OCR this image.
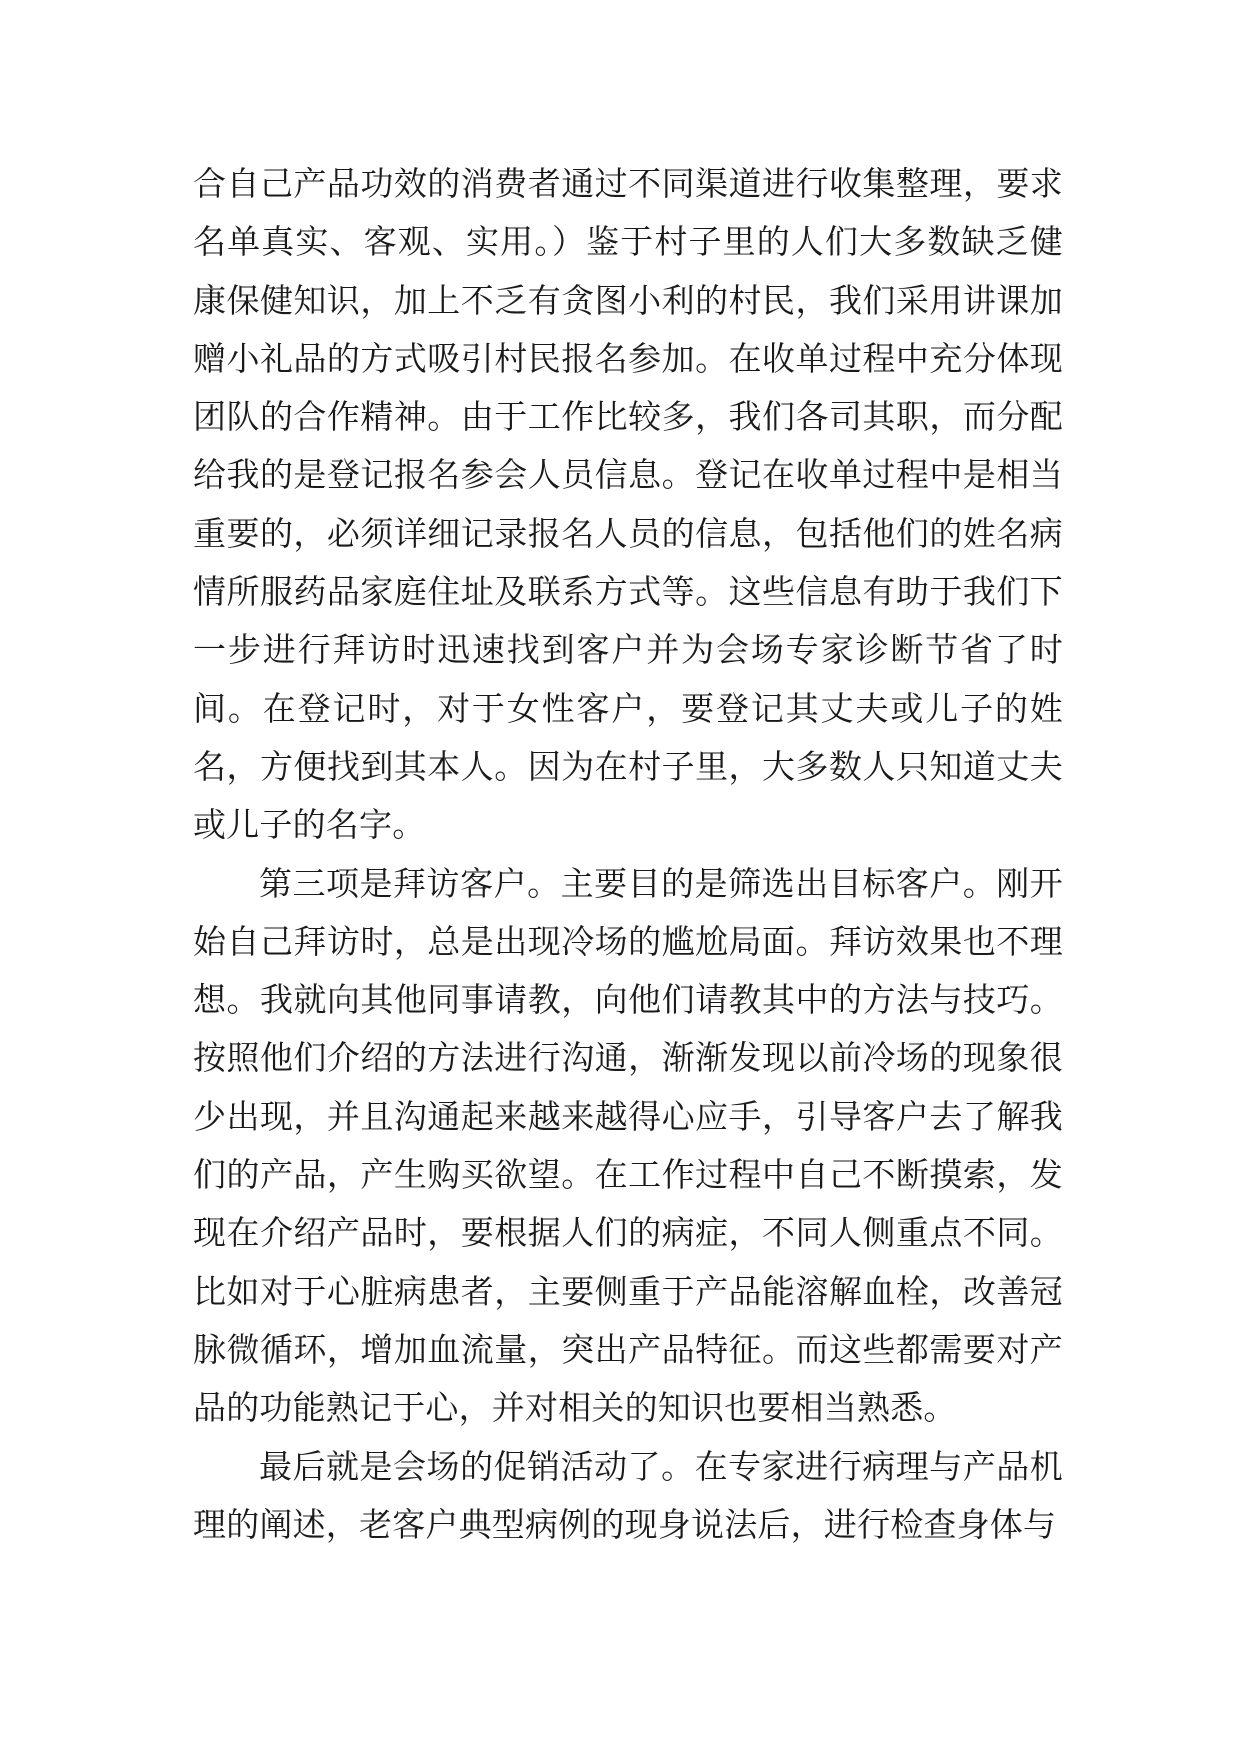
合自己产品功效的消费者通过不同渠道进行收集整理，要求名单真实、客观、实用。）鉴于村子里的人们大多数缺乏健康保健知识，加上不乏有贪图小利的村民，我们采用讲课加赠小礼品的方式吸引村民报名参加。在收单过程中充分体现团队的合作精神。由于工作比较多，我们各司其职，而分配给我的是登记报名参会人员信息。登记在收单过程中是相当重要的，必须详细记录报名人员的信息，包括他们的姓名病情所服药品家庭住址及联系方式等。这些信息有助于我们下一步进行拜访时迅速找到客户并为会场专家诊断节省了时间。在登记时，对于女性客户，要登记其丈夫或儿子的姓名，方便找到其本人。因为在村子里，大多数人只知道丈夫或儿子的名字。

第三项是拜访客户。主要目的是筛选出目标客户。刚开始自己拜访时，总是出现冷场的尴尬局面。拜访效果也不理想。我就向其他同事请教，向他们请教其中的方法与技巧。按照他们介绍的方法进行沟通，渐渐发现以前冷场的现象很少出现，并且沟通起来越来越得心应手，引导客户去了解我们的产品，产生购买欲望。在工作过程中自己不断摸索，发现在介绍产品时，要根据人们的病症，不同人侧重点不同。比如对于心脏病患者，主要侧重于产品能溶解血栓，改善冠脉微循环，增加血流量，突出产品特征。而这些都需要对产品的功能熟记于心，并对相关的知识也要相当熟悉。

最后就是会场的促销活动了。在专家进行病理与产品机理的阐述，老客户典型病例的现身说法后，进行检查身体与
